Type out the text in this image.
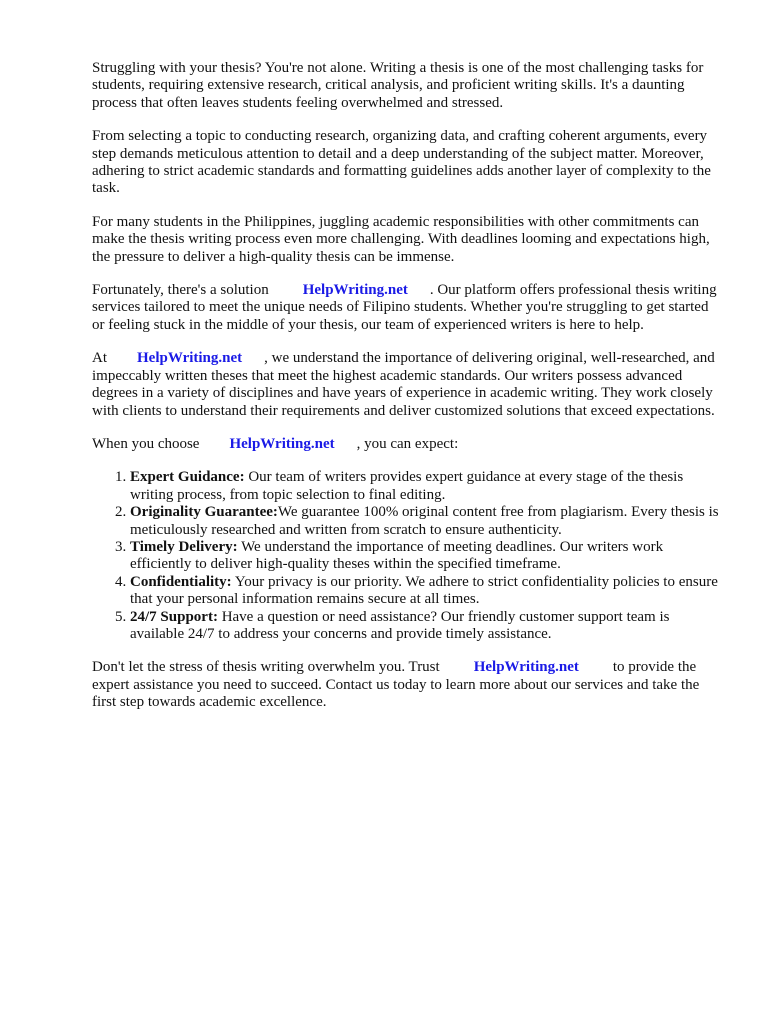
Struggling with your thesis? You're not alone. Writing a thesis is one of the most challenging tasks for students, requiring extensive research, critical analysis, and proficient writing skills. It's a daunting process that often leaves students feeling overwhelmed and stressed.

From selecting a topic to conducting research, organizing data, and crafting coherent arguments, every step demands meticulous attention to detail and a deep understanding of the subject matter. Moreover, adhering to strict academic standards and formatting guidelines adds another layer of complexity to the task.

For many students in the Philippines, juggling academic responsibilities with other commitments can make the thesis writing process even more challenging. With deadlines looming and expectations high, the pressure to deliver a high-quality thesis can be immense.

Fortunately, there's a solution HelpWriting.net . Our platform offers professional thesis writing services tailored to meet the unique needs of Filipino students. Whether you're struggling to get started or feeling stuck in the middle of your thesis, our team of experienced writers is here to help.

At HelpWriting.net , we understand the importance of delivering original, well-researched, and impeccably written theses that meet the highest academic standards. Our writers possess advanced degrees in a variety of disciplines and have years of experience in academic writing. They work closely with clients to understand their requirements and deliver customized solutions that exceed expectations.

When you choose HelpWriting.net , you can expect:

1. Expert Guidance: Our team of writers provides expert guidance at every stage of the thesis writing process, from topic selection to final editing.
2. Originality Guarantee:We guarantee 100% original content free from plagiarism. Every thesis is meticulously researched and written from scratch to ensure authenticity.
3. Timely Delivery: We understand the importance of meeting deadlines. Our writers work efficiently to deliver high-quality theses within the specified timeframe.
4. Confidentiality: Your privacy is our priority. We adhere to strict confidentiality policies to ensure that your personal information remains secure at all times.
5. 24/7 Support: Have a question or need assistance? Our friendly customer support team is available 24/7 to address your concerns and provide timely assistance.

Don't let the stress of thesis writing overwhelm you. Trust HelpWriting.net to provide the expert assistance you need to succeed. Contact us today to learn more about our services and take the first step towards academic excellence.
